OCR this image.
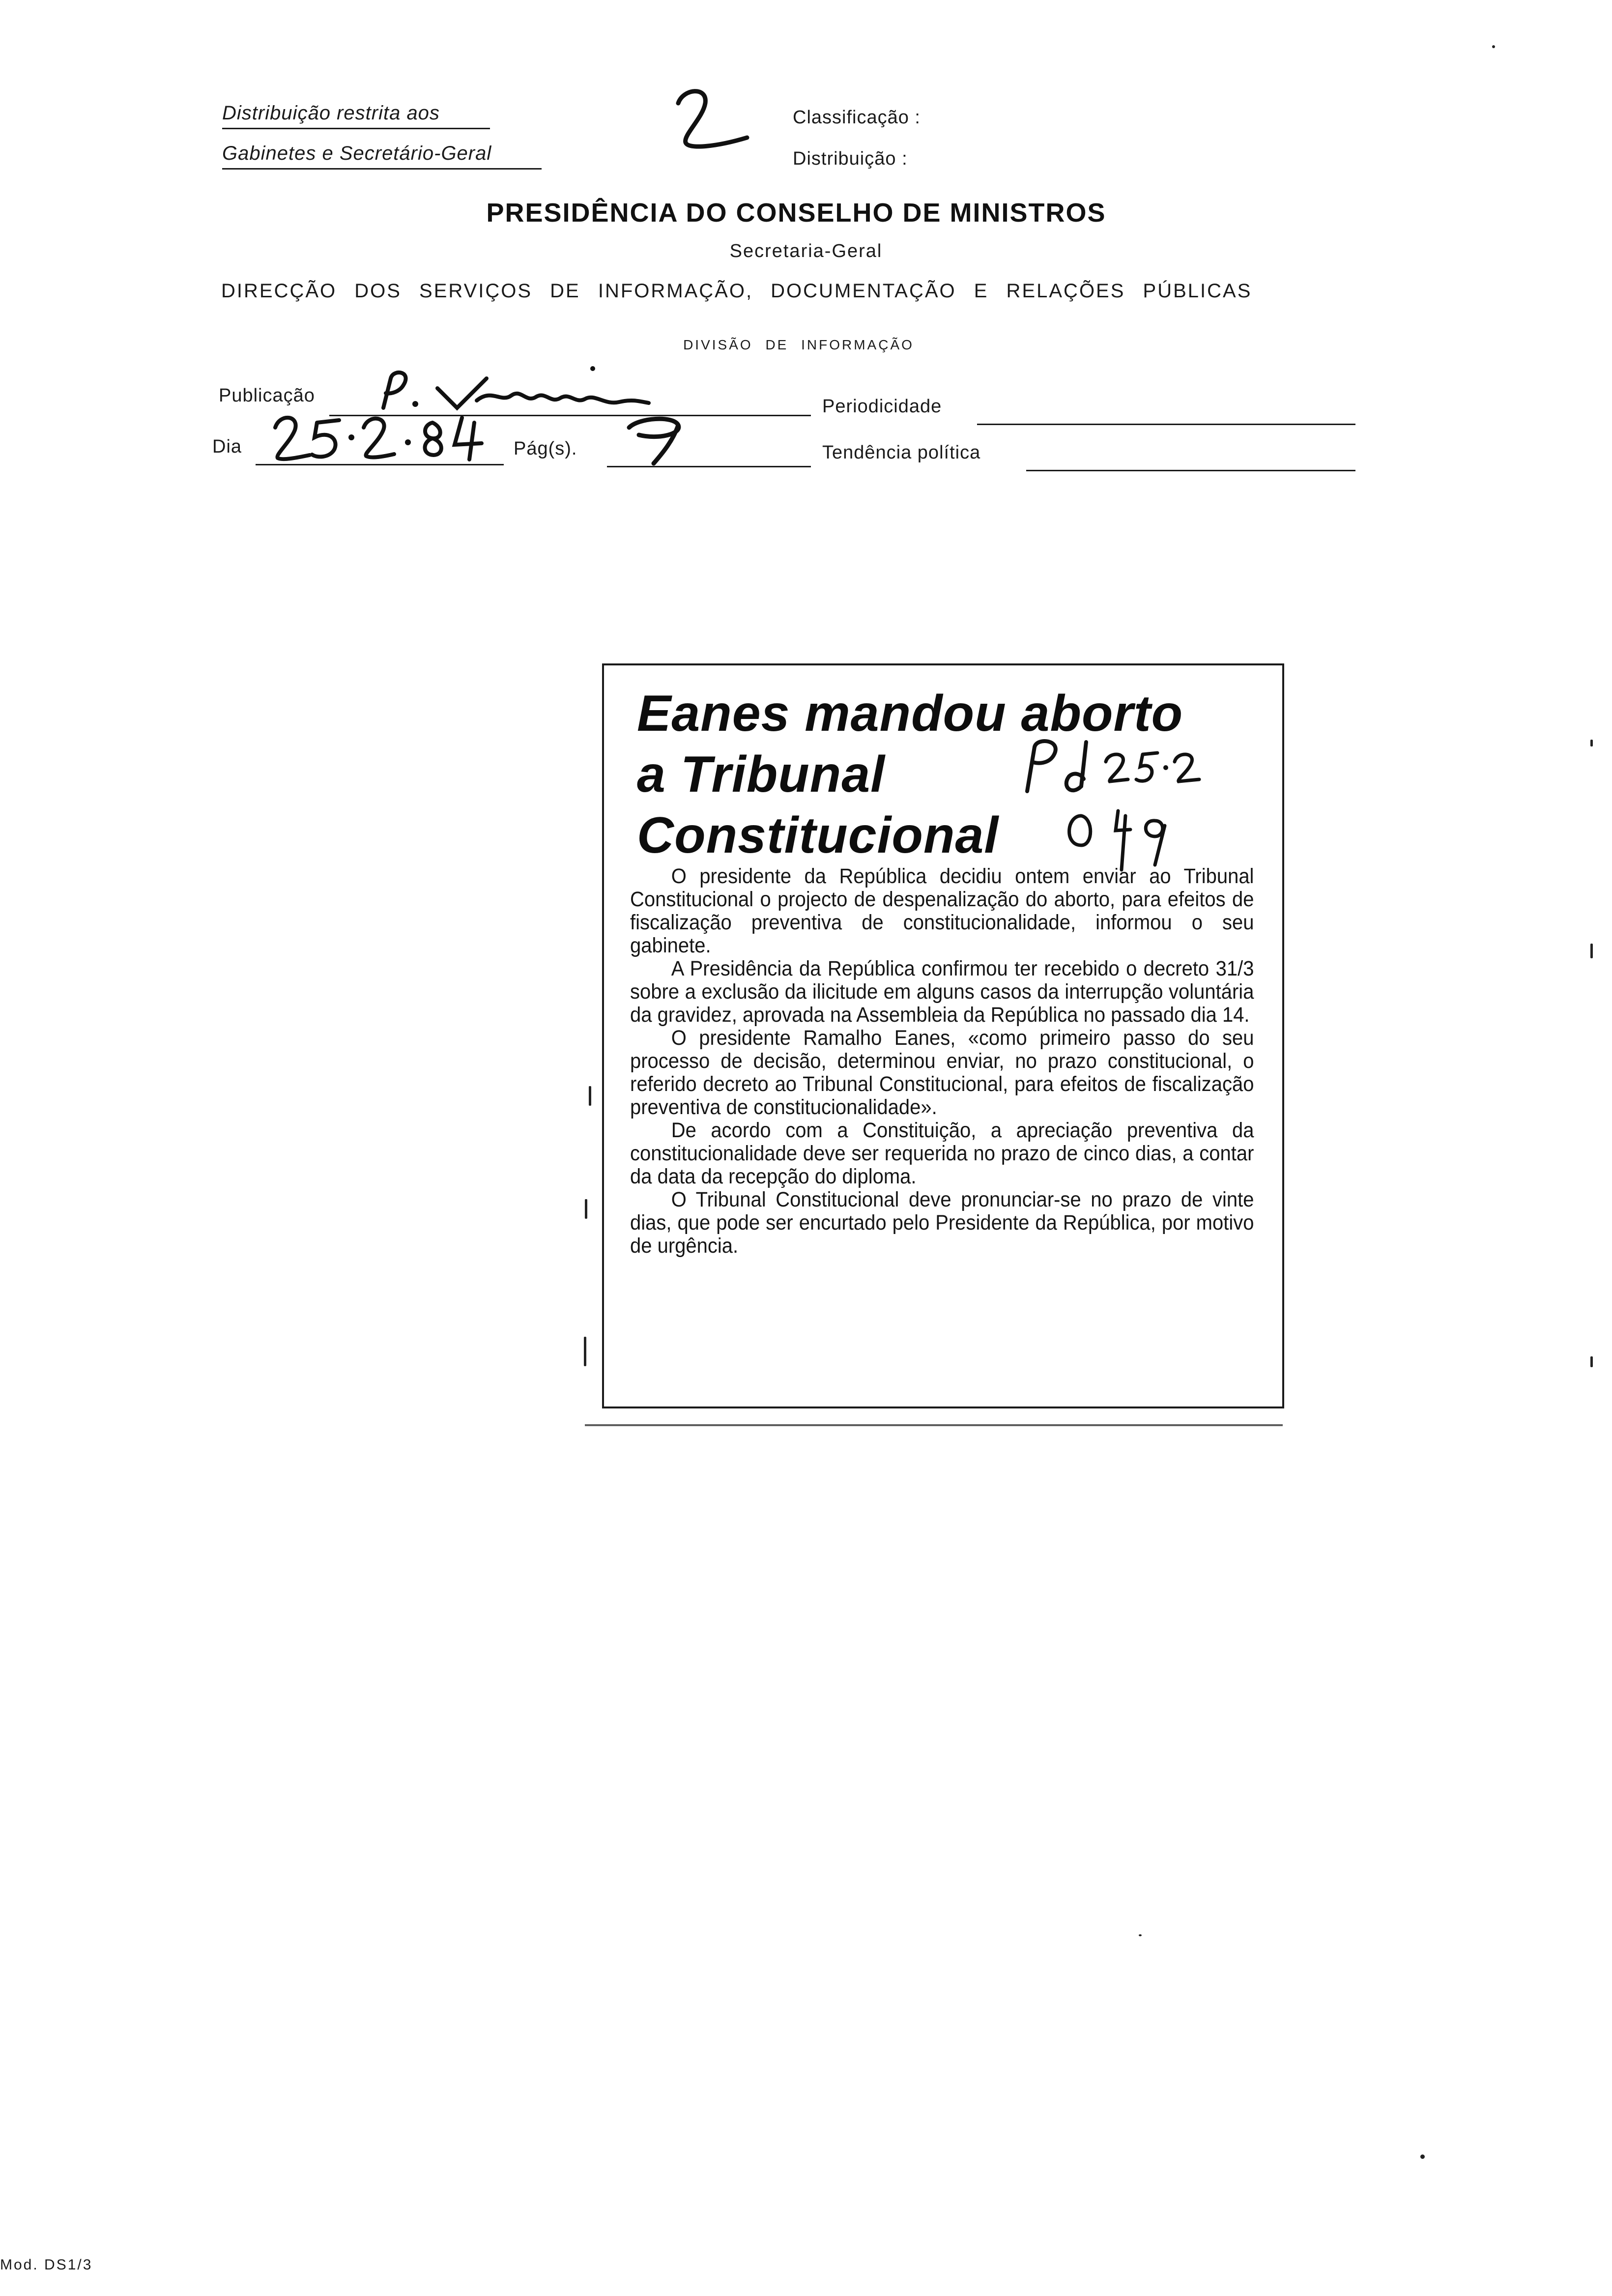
Distribuição restrita aos
Gabinetes e Secretário-Geral
Classificação :
Distribuição :
PRESIDÊNCIA DO CONSELHO DE MINISTROS
Secretaria-Geral
DIRECÇÃO DOS SERVIÇOS DE INFORMAÇÃO, DOCUMENTAÇÃO E RELAÇÕES PÚBLICAS
DIVISÃO DE INFORMAÇÃO
Publicação
Periodicidade
Dia	Pág(s).	Tendência política
Eanes mandou aborto
a Tribunal
Constitucional

O presidente da República decidiu ontem enviar ao Tribunal Constitucional o projecto de despenalização do aborto, para efeitos de fiscalização preventiva de constitucionalidade, informou o seu gabinete.

A Presidência da República confirmou ter recebido o decreto 31/3 sobre a exclusão da ilicitude em alguns casos da interrupção voluntária da gravidez, aprovada na Assembleia da República no passado dia 14.

O presidente Ramalho Eanes, «como primeiro passo do seu processo de decisão, determinou enviar, no prazo constitucional, o referido decreto ao Tribunal Constitucional, para efeitos de fiscalização preventiva de constitucionalidade».

De acordo com a Constituição, a apreciação preventiva da constitucionalidade deve ser requerida no prazo de cinco dias, a contar da data da recepção do diploma.

O Tribunal Constitucional deve pronunciar-se no prazo de vinte dias, que pode ser encurtado pelo Presidente da República, por motivo de urgência.

Mod. DS1/3
